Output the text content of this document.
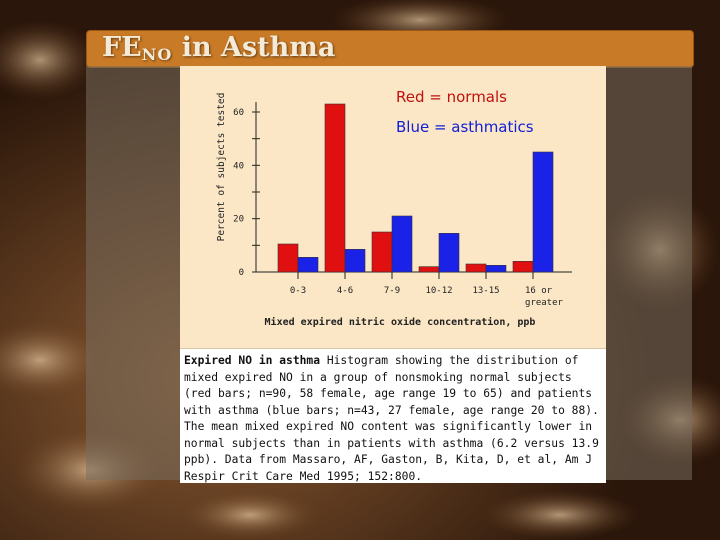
$FE_{NO}$ in Asthma
0
20
40
60
Percent of subjects tested
0-3	4-6	7-9	10-12 13-15	16 or
greater
Mixed expired nitric oxide concentration, ppb
Red = normals
Blue = asthmatics
Expired NO in asthma Histogram showing the distribution of mixed expired NO in a group of nonsmoking normal subjects (red bars; n=90, 58 female, age range 19 to 65) and patients with asthma (blue bars; n=43, 27 female, age range 20 to 88). The mean mixed expired NO content was significantly lower in normal subjects than in patients with asthma (6.2 versus 13.9 ppb). Data from Massaro, AF, Gaston, B, Kita, D, et al, Am J Respir Crit Care Med 1995; 152:800.
